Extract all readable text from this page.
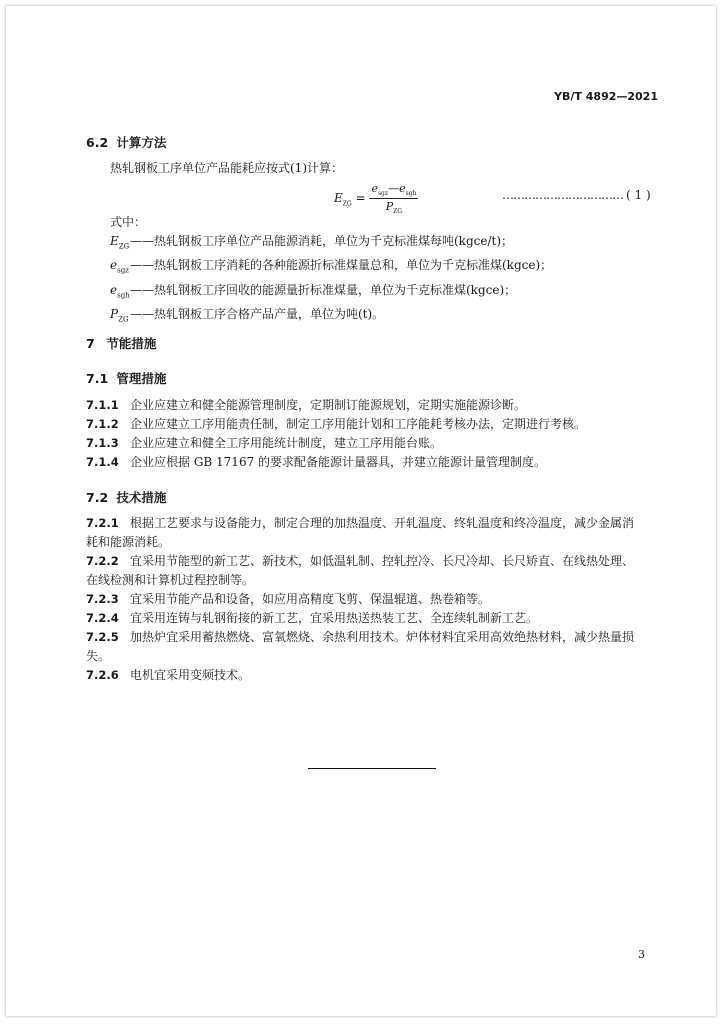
YB/T 4892—2021
6.2 计算方法
热轧钢板工序单位产品能耗应按式(1)计算：
$E_{ZG} = \frac{e_{sgz}—e_{sgh}}{P_{ZG}}$	…………………………… ( 1 )
式中：
$E_{ZG}——$热轧钢板工序单位产品能源消耗，单位为千克标准煤每吨(kgce/t)；
$e_{sgz}——$热轧钢板工序消耗的各种能源折标准煤量总和，单位为千克标准煤(kgce)；
$e_{sgh}——$热轧钢板工序回收的能源量折标准煤量，单位为千克标准煤(kgce)；
$P_{ZG}——$热轧钢板工序合格产品产量，单位为吨(t)。
7 节能措施
7.1 管理措施
7.1.1 企业应建立和健全能源管理制度，定期制订能源规划，定期实施能源诊断。
7.1.2 企业应建立工序用能责任制，制定工序用能计划和工序能耗考核办法，定期进行考核。
7.1.3 企业应建立和健全工序用能统计制度，建立工序用能台账。
7.1.4 企业应根据 GB 17167 的要求配备能源计量器具，并建立能源计量管理制度。
7.2 技术措施
7.2.1 根据工艺要求与设备能力，制定合理的加热温度、开轧温度、终轧温度和终冷温度，减少金属消耗和能源消耗。
7.2.2 宜采用节能型的新工艺、新技术，如低温轧制、控轧控冷、长尺冷却、长尺矫直、在线热处理、在线检测和计算机过程控制等。
7.2.3 宜采用节能产品和设备，如应用高精度飞剪、保温辊道、热卷箱等。
7.2.4 宜采用连铸与轧钢衔接的新工艺，宜采用热送热装工艺、全连续轧制新工艺。
7.2.5 加热炉宜采用蓄热燃烧、富氧燃烧、余热利用技术。炉体材料宜采用高效绝热材料，减少热量损失。
7.2.6 电机宜采用变频技术。
3
